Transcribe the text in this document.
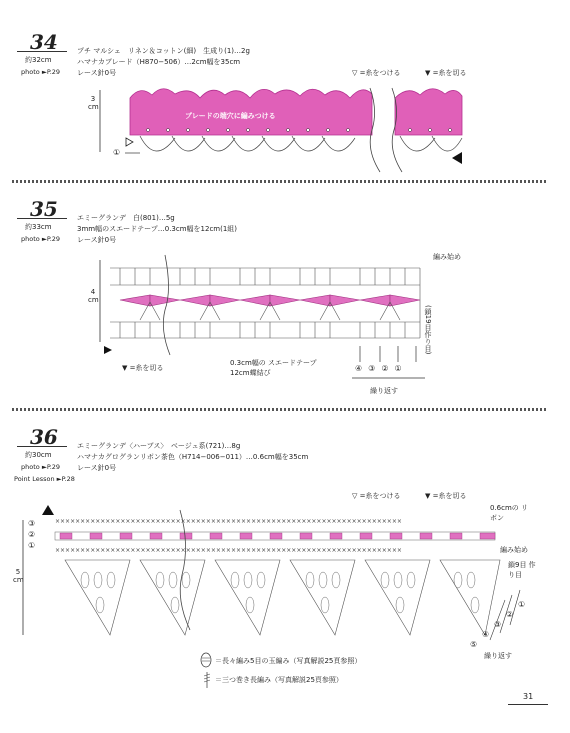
34
約32cm
photo ►P.29
プチ マルシェ　リネン＆コットン(細)　生成り(1)…2g
ハマナカブレード（H870−506）…2cm幅を35cm
レース針0号	▽ =糸をつける	▼ =糸を切る
3 cm
ブレードの端穴に編みつける
①
35
約33cm
photo ►P.29
エミーグランデ　白(801)…5g
3mm幅のスエードテープ…0.3cm幅を12cm(1組)
レース針0号
4 cm
編み始め
(鎖19目作り目)
▼ =糸を切る
0.3cm幅の スエードテープ12cm蝶結び	④ ③ ② ①
繰り返す
36
約30cm
photo ►P.29
Point Lesson ►P.28
エミーグランデ〈ハーブス〉　ベージュ系(721)…8g
ハマナカグログランリボン茶色（H714−006−011）…0.6cm幅を35cm
レース針0号
▽ =糸をつける	▼ =糸を切る
0.6cmの リボン
編み始め
鎖9目 作り目
5 cm
③
②
①
×××××××××××××××××××××××××××××××××××××××××××××××××××××××××××××××××××××
×××××××××××××××××××××××××××××××××××××××××××××××××××××××××××××××××××××
⑤
④
③
②
①
繰り返す
＝長々編み5目の玉編み（写真解説25頁参照）
＝三つ巻き長編み（写真解説25頁参照）
31
